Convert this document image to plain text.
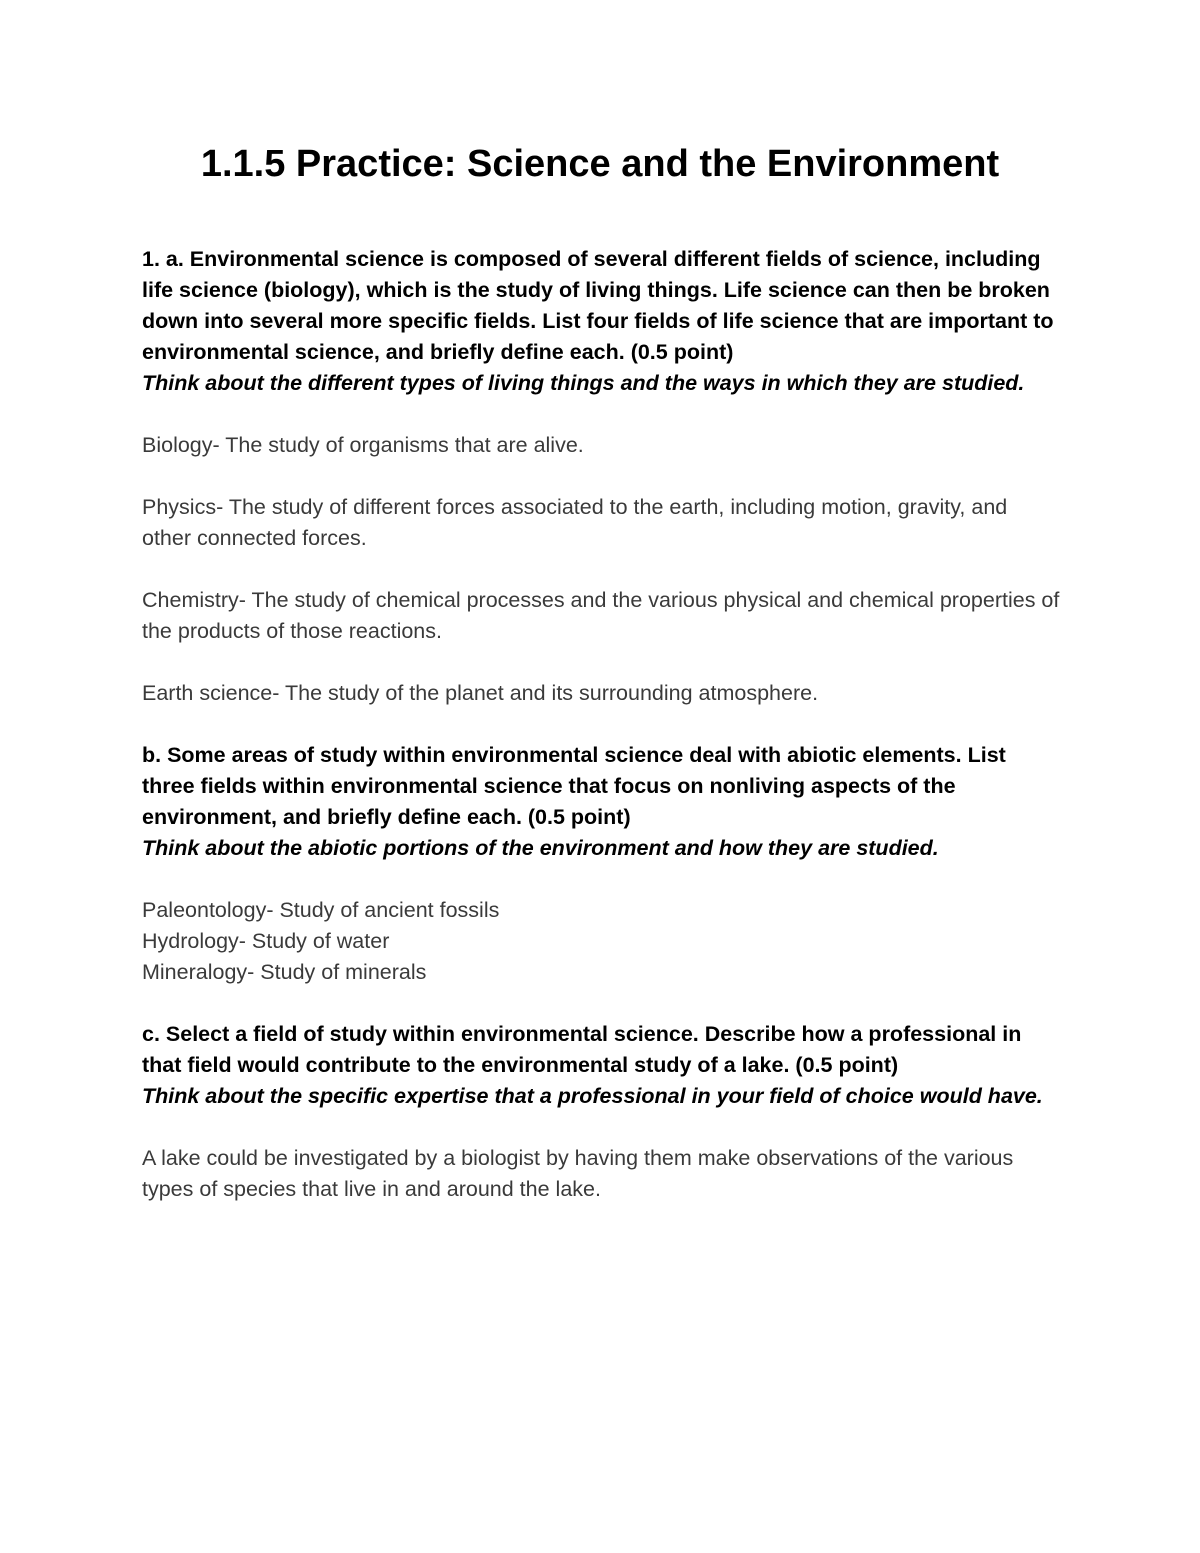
1.1.5 Practice: Science and the Environment

1. a. Environmental science is composed of several different fields of science, including life science (biology), which is the study of living things. Life science can then be broken down into several more specific fields. List four fields of life science that are important to environmental science, and briefly define each. (0.5 point)

Think about the different types of living things and the ways in which they are studied.

Biology- The study of organisms that are alive.

Physics- The study of different forces associated to the earth, including motion, gravity, and other connected forces.

Chemistry- The study of chemical processes and the various physical and chemical properties of the products of those reactions.

Earth science- The study of the planet and its surrounding atmosphere.

b. Some areas of study within environmental science deal with abiotic elements. List three fields within environmental science that focus on nonliving aspects of the environment, and briefly define each. (0.5 point)

Think about the abiotic portions of the environment and how they are studied.

Paleontology- Study of ancient fossils

Hydrology- Study of water

Mineralogy- Study of minerals

c. Select a field of study within environmental science. Describe how a professional in that field would contribute to the environmental study of a lake. (0.5 point)

Think about the specific expertise that a professional in your field of choice would have.

A lake could be investigated by a biologist by having them make observations of the various types of species that live in and around the lake.
